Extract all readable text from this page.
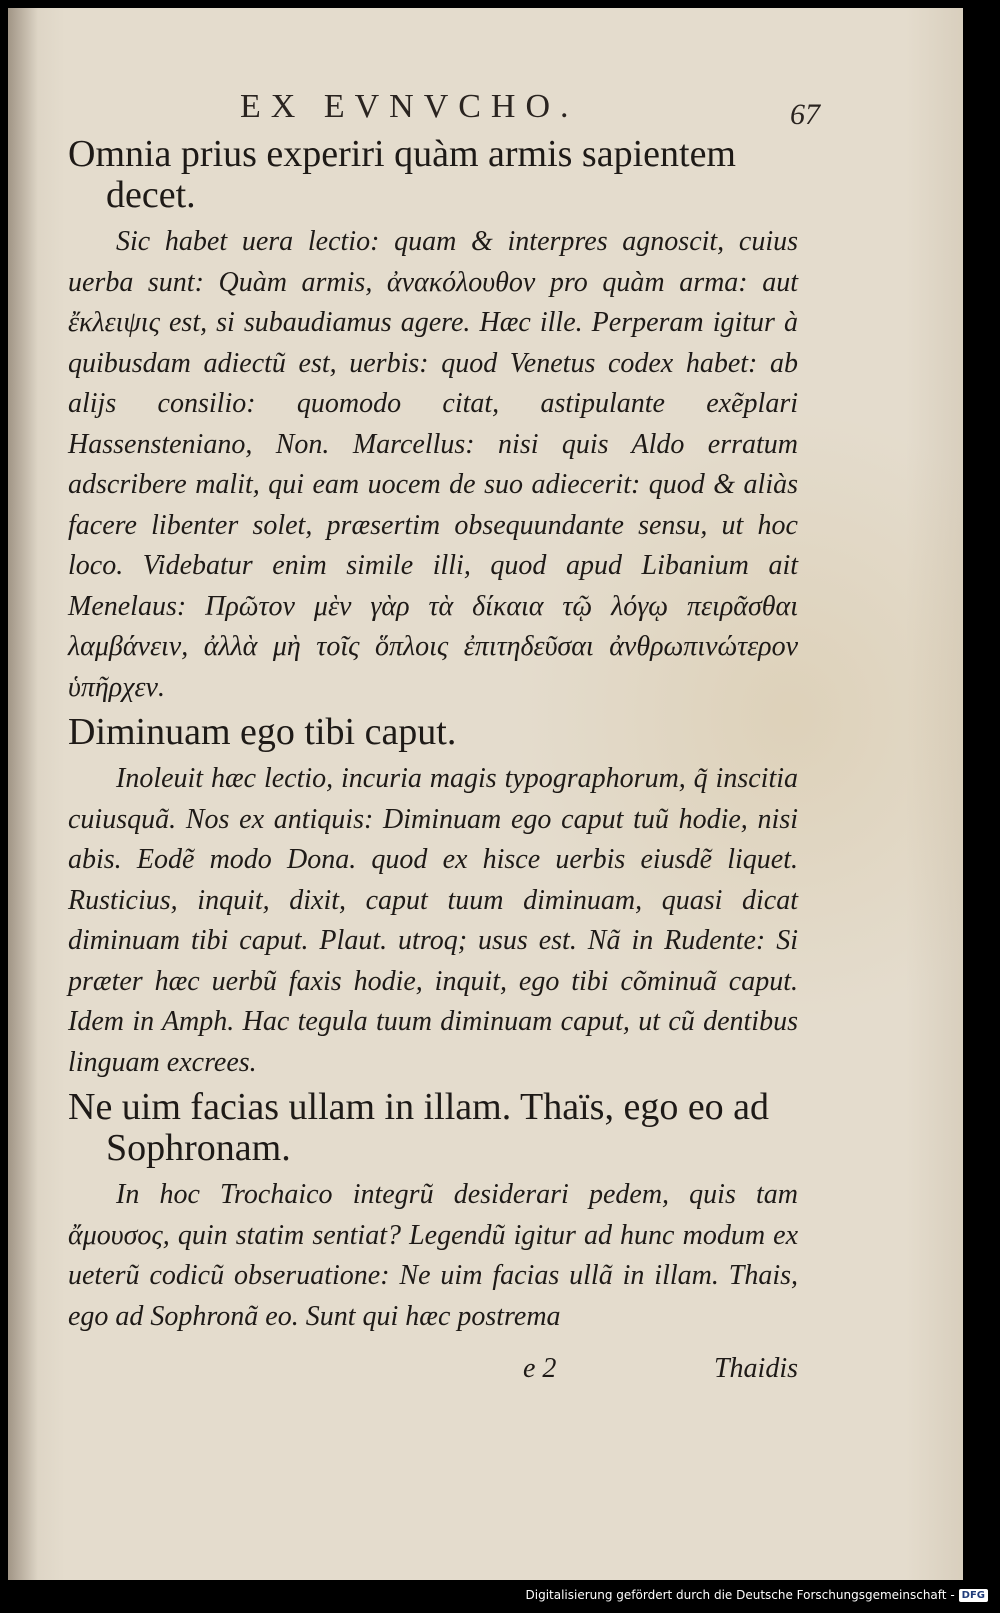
EX EVNVCHO.	67

Omnia prius experiri quàm armis sapientem decet.

Sic habet uera lectio: quam & interpres agnoscit, cuius uerba sunt: Quàm armis, ἀνακόλουθον pro quàm arma: aut ἔκλειψις est, si subaudiamus agere. Hæc ille. Perperam igitur à quibusdam adiectũ est, uerbis: quod Venetus codex habet: ab alijs consilio: quomodo citat, astipulante exẽplari Hassensteniano, Non. Marcellus: nisi quis Aldo erratum adscribere malit, qui eam uocem de suo adiecerit: quod & aliàs facere libenter solet, præsertim obsequundante sensu, ut hoc loco. Videbatur enim simile illi, quod apud Libanium ait Menelaus: Πρῶτον μὲν γὰρ τὰ δίκαια τῷ λόγῳ πειρᾶσθαι λαμβάνειν, ἀλλὰ μὴ τοῖς ὅπλοις ἐπιτηδεῦσαι ἀνθρωπινώτερον ὑπῆρχεν.

Diminuam ego tibi caput.

Inoleuit hæc lectio, incuria magis typographorum, q̃ inscitia cuiusquã. Nos ex antiquis: Diminuam ego caput tuũ hodie, nisi abis. Eodẽ modo Dona. quod ex hisce uerbis eiusdẽ liquet. Rusticius, inquit, dixit, caput tuum diminuam, quasi dicat diminuam tibi caput. Plaut. utroq; usus est. Nã in Rudente: Si præter hæc uerbũ faxis hodie, inquit, ego tibi cõminuã caput. Idem in Amph. Hac tegula tuum diminuam caput, ut cũ dentibus linguam excrees.

Ne uim facias ullam in illam. Thaïs, ego eo ad Sophronam.

In hoc Trochaico integrũ desiderari pedem, quis tam ἄμουσος, quin statim sentiat? Legendũ igitur ad hunc modum ex ueterũ codicũ obseruatione: Ne uim facias ullã in illam. Thais, ego ad Sophronã eo. Sunt qui hæc postrema

e 2	Thaidis
Digitalisierung gefördert durch die Deutsche Forschungsgemeinschaft - DFG
